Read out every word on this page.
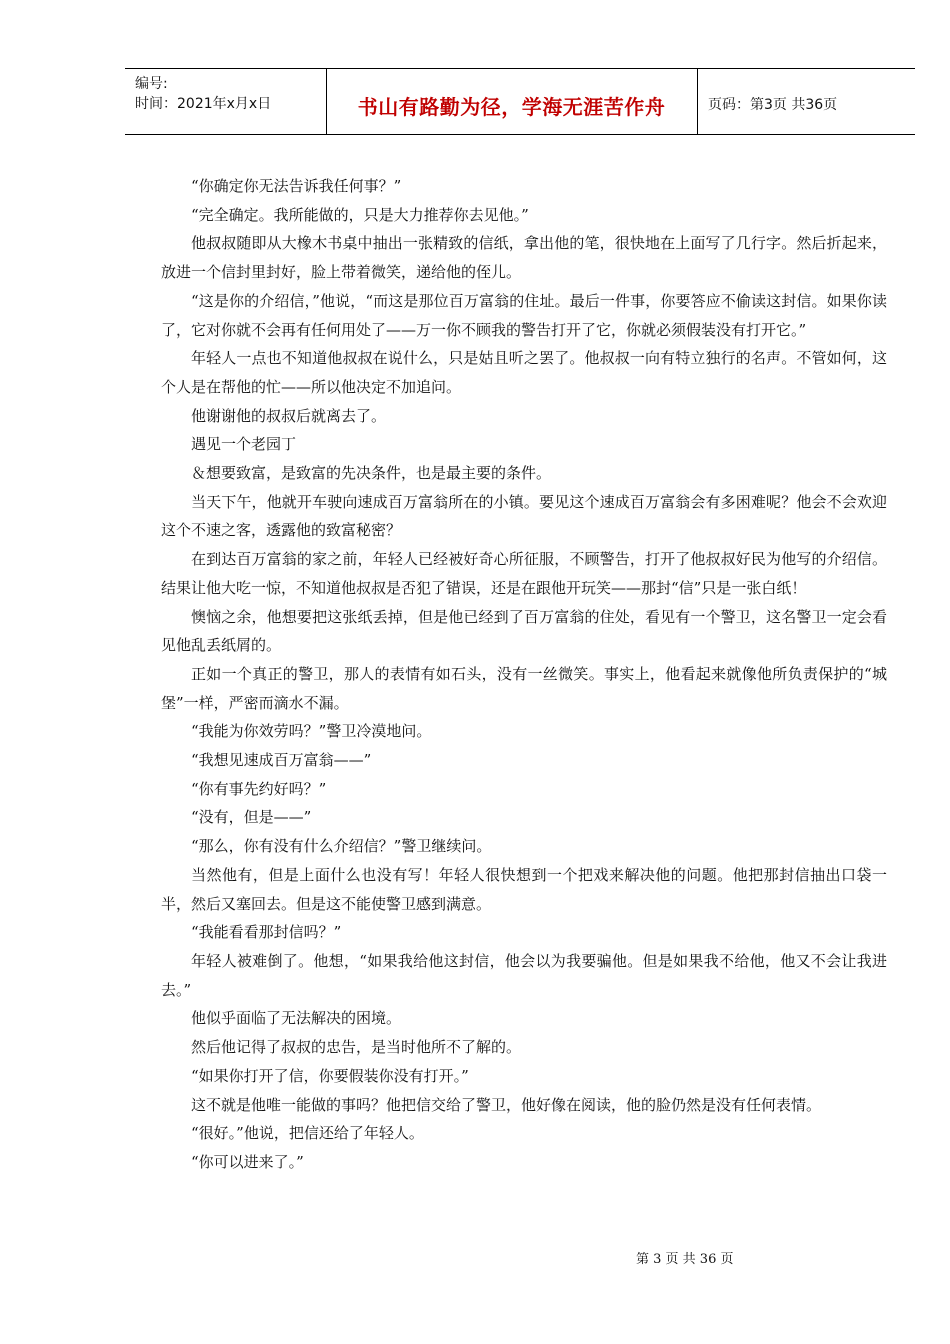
编号:
时间：2021年x月x日	书山有路勤为径，学海无涯苦作舟	页码：第3页 共36页

“你确定你无法告诉我任何事？”

“完全确定。我所能做的，只是大力推荐你去见他。”

他叔叔随即从大橡木书桌中抽出一张精致的信纸，拿出他的笔，很快地在上面写了几行字。然后折起来，放进一个信封里封好，脸上带着微笑，递给他的侄儿。

“这是你的介绍信，”他说，“而这是那位百万富翁的住址。最后一件事，你要答应不偷读这封信。如果你读了，它对你就不会再有任何用处了——万一你不顾我的警告打开了它，你就必须假装没有打开它。”

年轻人一点也不知道他叔叔在说什么，只是姑且听之罢了。他叔叔一向有特立独行的名声。不管如何，这个人是在帮他的忙——所以他决定不加追问。

他谢谢他的叔叔后就离去了。

遇见一个老园丁

＆想要致富，是致富的先决条件，也是最主要的条件。

当天下午，他就开车驶向速成百万富翁所在的小镇。要见这个速成百万富翁会有多困难呢？他会不会欢迎这个不速之客，透露他的致富秘密？

在到达百万富翁的家之前，年轻人已经被好奇心所征服，不顾警告，打开了他叔叔好民为他写的介绍信。结果让他大吃一惊，不知道他叔叔是否犯了错误，还是在跟他开玩笑——那封“信”只是一张白纸！

懊恼之余，他想要把这张纸丢掉，但是他已经到了百万富翁的住处，看见有一个警卫，这名警卫一定会看见他乱丢纸屑的。

正如一个真正的警卫，那人的表情有如石头，没有一丝微笑。事实上，他看起来就像他所负责保护的“城堡”一样，严密而滴水不漏。

“我能为你效劳吗？”警卫冷漠地问。

“我想见速成百万富翁——”

“你有事先约好吗？”

“没有，但是——”

“那么，你有没有什么介绍信？”警卫继续问。

当然他有，但是上面什么也没有写！年轻人很快想到一个把戏来解决他的问题。他把那封信抽出口袋一半，然后又塞回去。但是这不能使警卫感到满意。

“我能看看那封信吗？”

年轻人被难倒了。他想，“如果我给他这封信，他会以为我要骗他。但是如果我不给他，他又不会让我进去。”

他似乎面临了无法解决的困境。

然后他记得了叔叔的忠告，是当时他所不了解的。

“如果你打开了信，你要假装你没有打开。”

这不就是他唯一能做的事吗？他把信交给了警卫，他好像在阅读，他的脸仍然是没有任何表情。

“很好。”他说，把信还给了年轻人。

“你可以进来了。”

第 3 页 共 36 页
